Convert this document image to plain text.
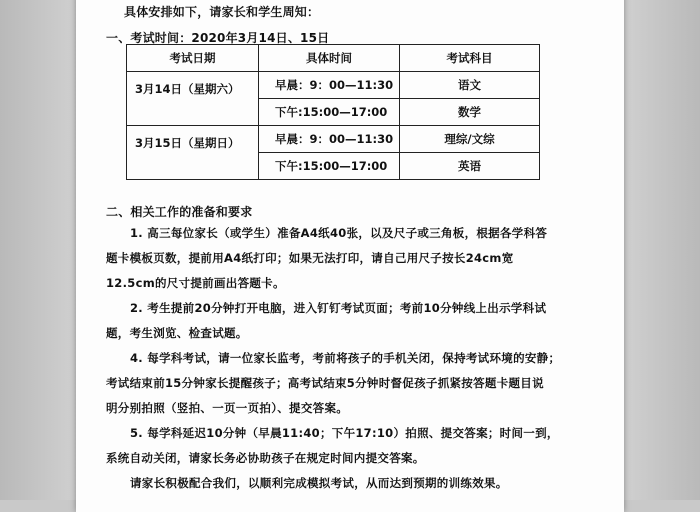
具体安排如下，请家长和学生周知：
一、考试时间：2020年3月14日、15日
考试日期	具体时间	考试科目

3月14日（星期六）	早晨：9：00—11:30	语文
	下午:15:00—17:00	数学

3月15日（星期日）	早晨：9：00—11:30	理综/文综
	下午:15:00—17:00	英语
二、相关工作的准备和要求
1. 高三每位家长（或学生）准备A4纸40张，以及尺子或三角板，根据各学科答
题卡模板页数，提前用A4纸打印；如果无法打印，请自己用尺子按长24cm宽
12.5cm的尺寸提前画出答题卡。
2. 考生提前20分钟打开电脑，进入钉钉考试页面；考前10分钟线上出示学科试
题，考生浏览、检查试题。
4. 每学科考试，请一位家长监考，考前将孩子的手机关闭，保持考试环境的安静；
考试结束前15分钟家长提醒孩子；高考试结束5分钟时督促孩子抓紧按答题卡题目说
明分别拍照（竖拍、一页一页拍）、提交答案。
5. 每学科延迟10分钟（早晨11:40；下午17:10）拍照、提交答案；时间一到，
系统自动关闭，请家长务必协助孩子在规定时间内提交答案。
请家长积极配合我们，以顺利完成模拟考试，从而达到预期的训练效果。
